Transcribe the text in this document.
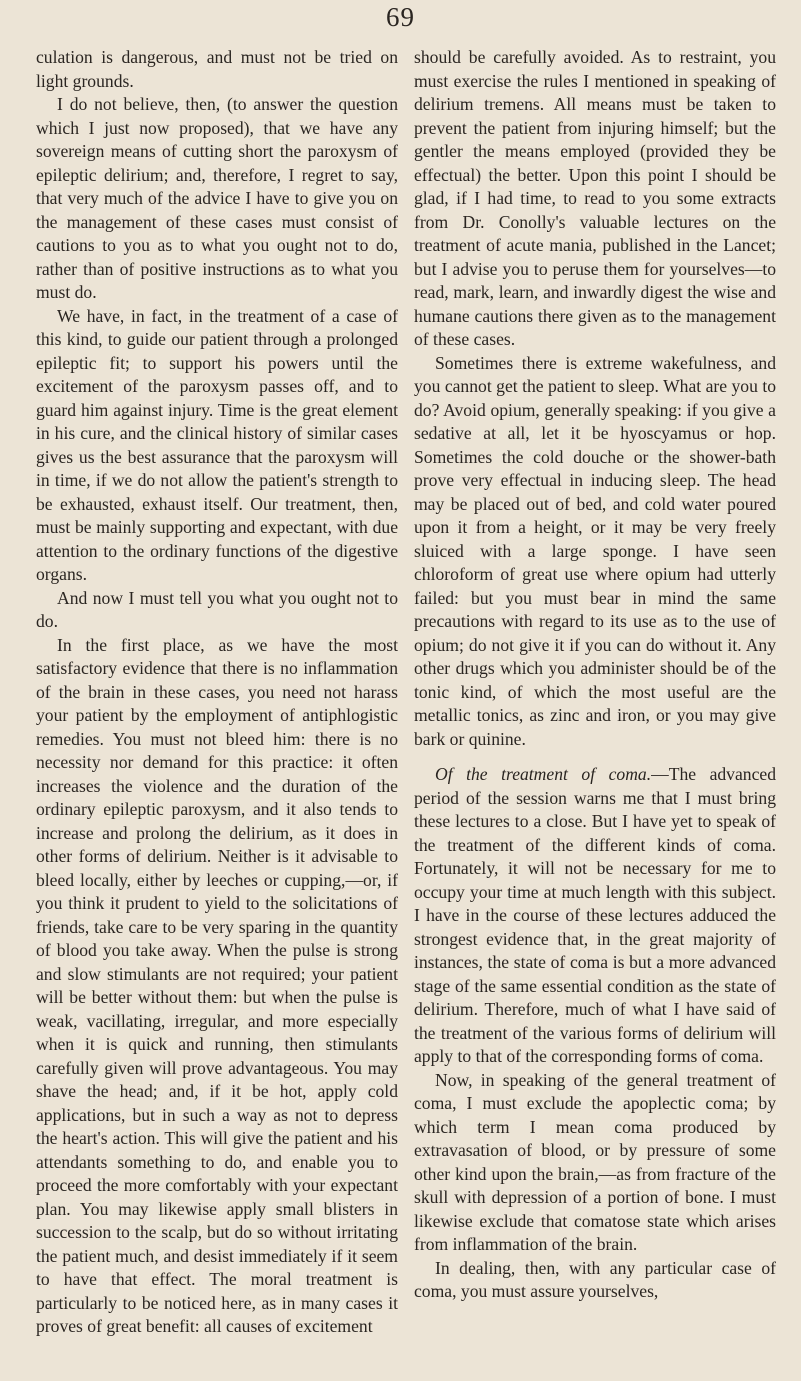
69

culation is dangerous, and must not be tried on light grounds.

I do not believe, then, (to answer the question which I just now proposed), that we have any sovereign means of cutting short the paroxysm of epileptic delirium; and, therefore, I regret to say, that very much of the advice I have to give you on the management of these cases must consist of cautions to you as to what you ought not to do, rather than of positive instructions as to what you must do.

We have, in fact, in the treatment of a case of this kind, to guide our patient through a prolonged epileptic fit; to support his powers until the excitement of the paroxysm passes off, and to guard him against injury. Time is the great element in his cure, and the clinical history of similar cases gives us the best assurance that the paroxysm will in time, if we do not allow the patient's strength to be exhausted, exhaust itself. Our treatment, then, must be mainly supporting and expectant, with due attention to the ordinary functions of the digestive organs.

And now I must tell you what you ought not to do.

In the first place, as we have the most satisfactory evidence that there is no inflammation of the brain in these cases, you need not harass your patient by the employment of antiphlogistic remedies. You must not bleed him: there is no necessity nor demand for this practice: it often increases the violence and the duration of the ordinary epileptic paroxysm, and it also tends to increase and prolong the delirium, as it does in other forms of delirium. Neither is it advisable to bleed locally, either by leeches or cupping,—or, if you think it prudent to yield to the solicitations of friends, take care to be very sparing in the quantity of blood you take away. When the pulse is strong and slow stimulants are not required; your patient will be better without them: but when the pulse is weak, vacillating, irregular, and more especially when it is quick and running, then stimulants carefully given will prove advantageous. You may shave the head; and, if it be hot, apply cold applications, but in such a way as not to depress the heart's action. This will give the patient and his attendants something to do, and enable you to proceed the more comfortably with your expectant plan. You may likewise apply small blisters in succession to the scalp, but do so without irritating the patient much, and desist immediately if it seem to have that effect. The moral treatment is particularly to be noticed here, as in many cases it proves of great benefit: all causes of excitement

should be carefully avoided. As to restraint, you must exercise the rules I mentioned in speaking of delirium tremens. All means must be taken to prevent the patient from injuring himself; but the gentler the means employed (provided they be effectual) the better. Upon this point I should be glad, if I had time, to read to you some extracts from Dr. Conolly's valuable lectures on the treatment of acute mania, published in the Lancet; but I advise you to peruse them for yourselves—to read, mark, learn, and inwardly digest the wise and humane cautions there given as to the management of these cases.

Sometimes there is extreme wakefulness, and you cannot get the patient to sleep. What are you to do? Avoid opium, generally speaking: if you give a sedative at all, let it be hyoscyamus or hop. Sometimes the cold douche or the shower-bath prove very effectual in inducing sleep. The head may be placed out of bed, and cold water poured upon it from a height, or it may be very freely sluiced with a large sponge. I have seen chloroform of great use where opium had utterly failed: but you must bear in mind the same precautions with regard to its use as to the use of opium; do not give it if you can do without it. Any other drugs which you administer should be of the tonic kind, of which the most useful are the metallic tonics, as zinc and iron, or you may give bark or quinine.

Of the treatment of coma.—The advanced period of the session warns me that I must bring these lectures to a close. But I have yet to speak of the treatment of the different kinds of coma. Fortunately, it will not be necessary for me to occupy your time at much length with this subject. I have in the course of these lectures adduced the strongest evidence that, in the great majority of instances, the state of coma is but a more advanced stage of the same essential condition as the state of delirium. Therefore, much of what I have said of the treatment of the various forms of delirium will apply to that of the corresponding forms of coma.

Now, in speaking of the general treatment of coma, I must exclude the apoplectic coma; by which term I mean coma produced by extravasation of blood, or by pressure of some other kind upon the brain,—as from fracture of the skull with depression of a portion of bone. I must likewise exclude that comatose state which arises from inflammation of the brain.

In dealing, then, with any particular case of coma, you must assure yourselves,
